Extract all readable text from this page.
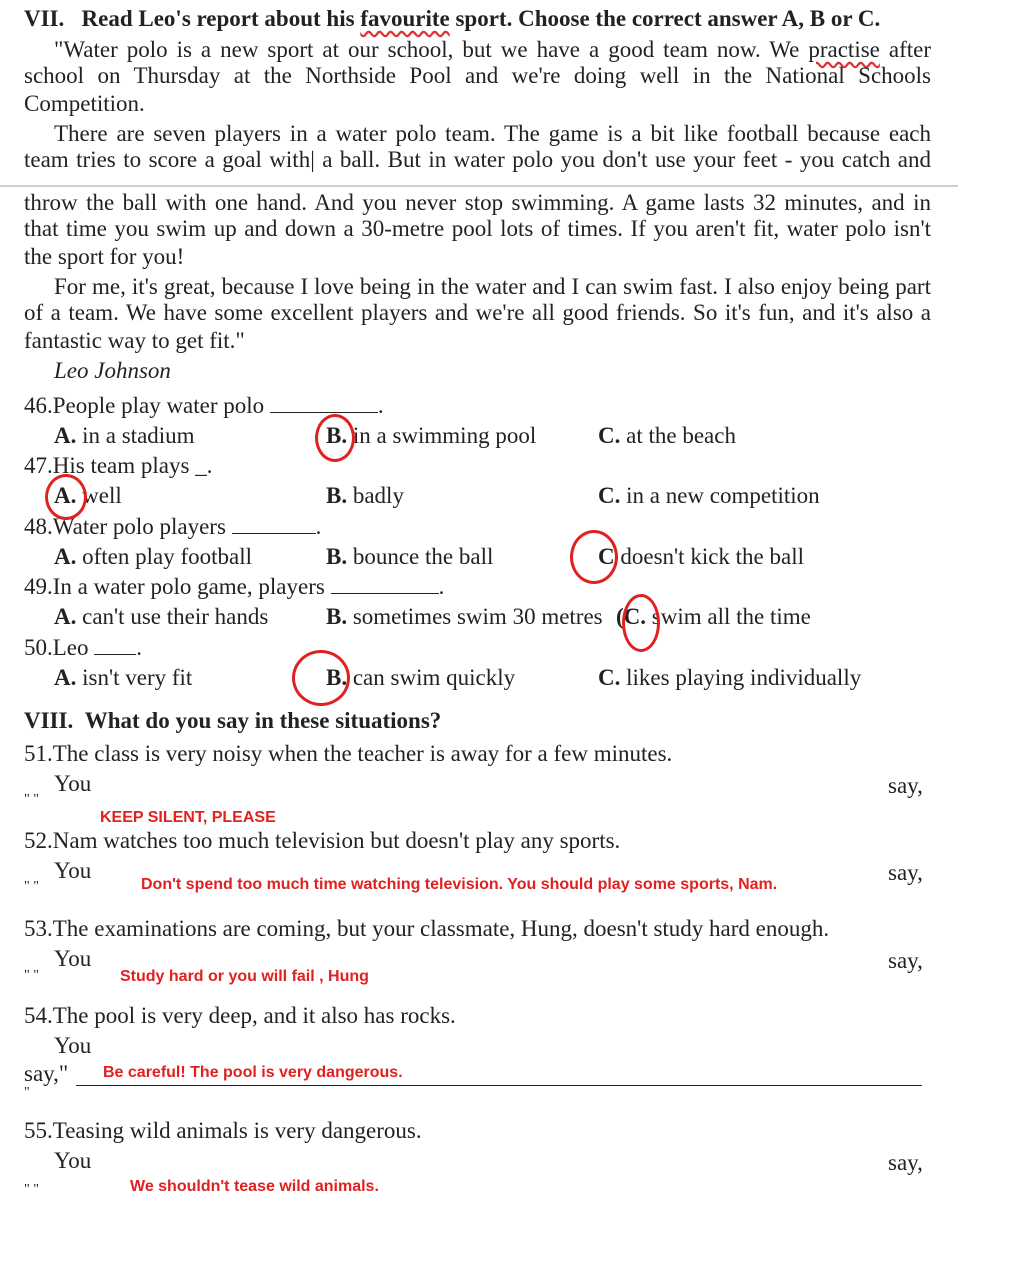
VII. Read Leo's report about his favourite sport. Choose the correct answer A, B or C.
"Water polo is a new sport at our school, but we have a good team now. We practise after
school on Thursday at the Northside Pool and we're doing well in the National Schools
Competition.
There are seven players in a water polo team. The game is a bit like football because each
team tries to score a goal with| a ball. But in water polo you don't use your feet - you catch and
throw the ball with one hand. And you never stop swimming. A game lasts 32 minutes, and in
that time you swim up and down a 30-metre pool lots of times. If you aren't fit, water polo isn't
the sport for you!
For me, it's great, because I love being in the water and I can swim fast. I also enjoy being part
of a team. We have some excellent players and we're all good friends. So it's fun, and it's also a
fantastic way to get fit."
Leo Johnson
46.People play water polo	.
A. in a stadium	B. in a swimming pool	C. at the beach
47.His team plays _.
A. well	B. badly	C. in a new competition
48.Water polo players	.
A. often play football	B. bounce the ball	C doesn't kick the ball
49.In a water polo game, players	.
A. can't use their hands	B. sometimes swim 30 metres (C. swim all the time
50.Leo .
A. isn't very fit	B. can swim quickly	C. likes playing individually
VIII. What do you say in these situations?
51.The class is very noisy when the teacher is away for a few minutes.
You	say,
" "
KEEP SILENT, PLEASE
52.Nam watches too much television but doesn't play any sports.
You	say,
Don't spend too much time watching television. You should play some sports, Nam.
" "
53.The examinations are coming, but your classmate, Hung, doesn't study hard enough.
You	say,
" "	Study hard or you will fail , Hung
54.The pool is very deep, and it also has rocks.
You
say," Be careful! The pool is very dangerous.
"
55.Teasing wild animals is very dangerous.
You	say,
" "	We shouldn't tease wild animals.
